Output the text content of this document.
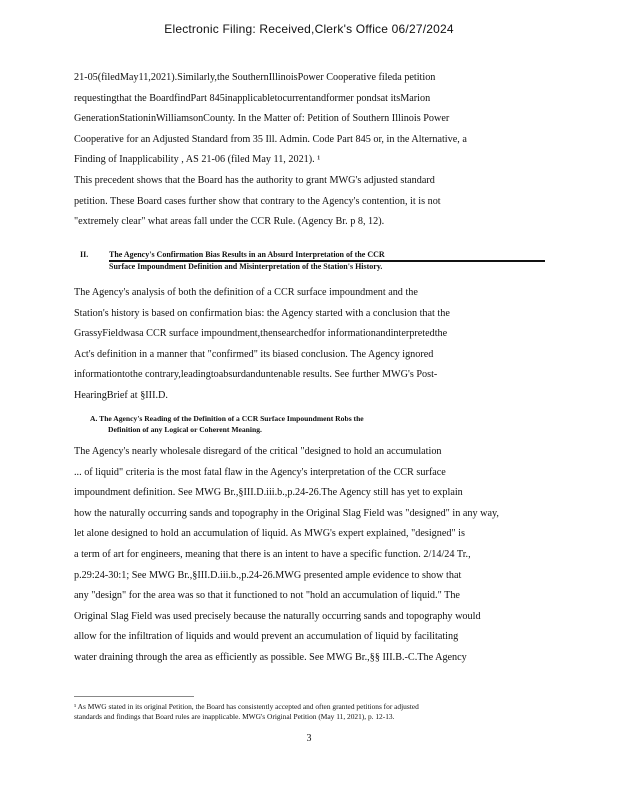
Electronic Filing: Received,Clerk's Office 06/27/2024
21-05(filedMay11,2021).Similarly,the SouthernIllinoisPower Cooperative fileda petition
requestingthat the BoardfindPart 845inapplicabletocurrentandformer pondsat itsMarion
GenerationStationinWilliamsonCounty. In the Matter of: Petition of Southern Illinois Power
Cooperative for an Adjusted Standard from 35 Ill. Admin. Code Part 845 or, in the Alternative, a
Finding of Inapplicability , AS 21-06 (filed May 11, 2021). ¹
This precedent shows that the Board has the authority to grant MWG's adjusted standard
petition. These Board cases further show that contrary to the Agency's contention, it is not
"extremely clear" what areas fall under the CCR Rule. (Agency Br. p 8, 12).
II.	The Agency's Confirmation Bias Results in an Absurd Interpretation of the CCR
Surface Impoundment Definition and Misinterpretation of the Station's History.
The Agency's analysis of both the definition of a CCR surface impoundment and the
Station's history is based on confirmation bias: the Agency started with a conclusion that the
GrassyFieldwasa CCR surface impoundment,thensearchedfor informationandinterpretedthe
Act's definition in a manner that "confirmed" its biased conclusion. The Agency ignored
informationtothe contrary,leadingtoabsurdanduntenable results. See further MWG's Post-
HearingBrief at §III.D.
A. The Agency's Reading of the Definition of a CCR Surface Impoundment Robs the
Definition of any Logical or Coherent Meaning.
The Agency's nearly wholesale disregard of the critical "designed to hold an accumulation
... of liquid" criteria is the most fatal flaw in the Agency's interpretation of the CCR surface
impoundment definition. See MWG Br.,§III.D.iii.b.,p.24-26.The Agency still has yet to explain
how the naturally occurring sands and topography in the Original Slag Field was "designed" in any way,
let alone designed to hold an accumulation of liquid. As MWG's expert explained, "designed" is
a term of art for engineers, meaning that there is an intent to have a specific function. 2/14/24 Tr.,
p.29:24-30:1; See MWG Br.,§III.D.iii.b.,p.24-26.MWG presented ample evidence to show that
any "design" for the area was so that it functioned to not "hold an accumulation of liquid." The
Original Slag Field was used precisely because the naturally occurring sands and topography would
allow for the infiltration of liquids and would prevent an accumulation of liquid by facilitating
water draining through the area as efficiently as possible. See MWG Br.,§§ III.B.-C.The Agency
¹ As MWG stated in its original Petition, the Board has consistently accepted and often granted petitions for adjusted
standards and findings that Board rules are inapplicable. MWG's Original Petition (May 11, 2021), p. 12-13.
3
